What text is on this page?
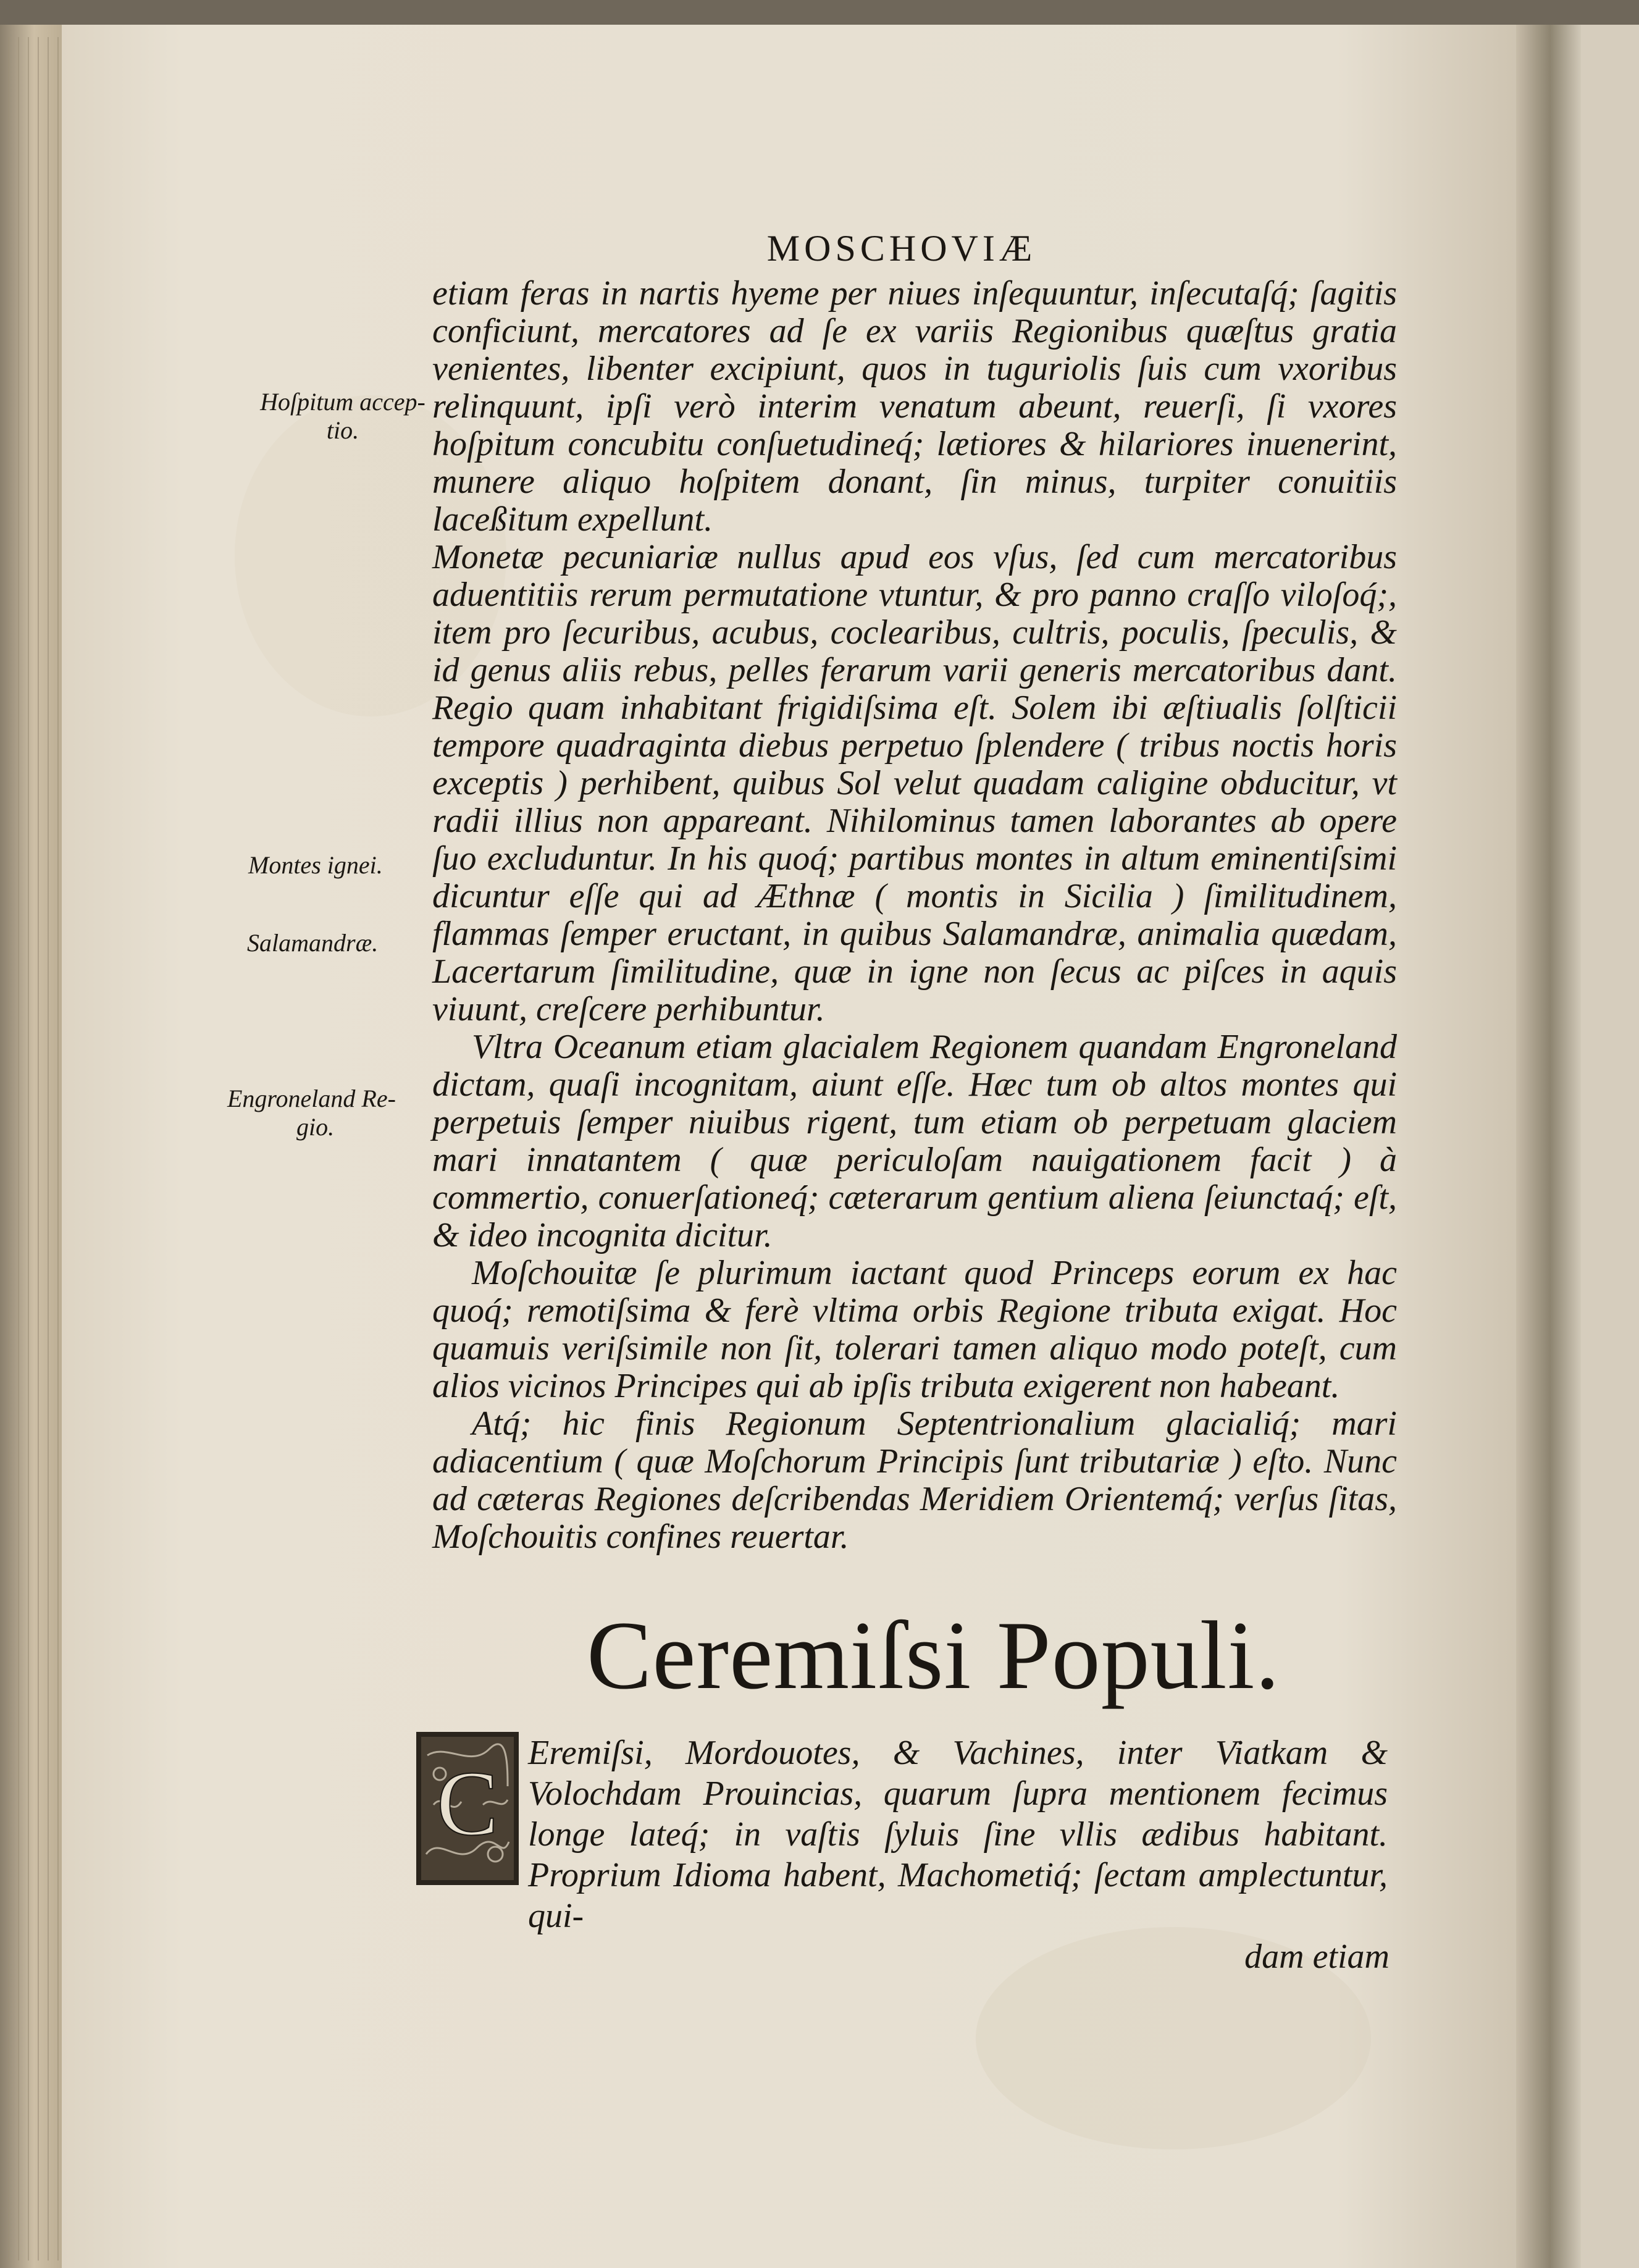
MOSCHOVIÆ
Hoſpitum accep-tio.
Montes ignei.
Salamandræ.
Engroneland Re-
gio.

etiam feras in nartis hyeme per niues inſequuntur, inſecutaſq́; ſagitis conficiunt, mercatores ad ſe ex variis Regionibus quæſtus gratia venientes, libenter excipiunt, quos in tuguriolis ſuis cum vxoribus relinquunt, ipſi verò interim venatum abeunt, reuerſi, ſi vxores hoſpitum concubitu conſuetudineq́; lætiores & hilariores inuenerint, munere aliquo hoſpitem donant, ſin minus, turpiter conuitiis laceßitum expellunt.

Monetæ pecuniariæ nullus apud eos vſus, ſed cum mercatoribus aduentitiis rerum permutatione vtuntur, & pro panno craſſo viloſoq́;, item pro ſecuribus, acubus, coclearibus, cultris, poculis, ſpeculis, & id genus aliis rebus, pelles ferarum varii generis mercatoribus dant. Regio quam inhabitant frigidiſsima eſt. Solem ibi æſtiualis ſolſticii tempore quadraginta diebus perpetuo ſplendere ( tribus noctis horis exceptis ) perhibent, quibus Sol velut quadam caligine obducitur, vt radii illius non appareant. Nihilominus tamen laborantes ab opere ſuo excluduntur. In his quoq́; partibus montes in altum eminentiſsimi dicuntur eſſe qui ad Æthnæ ( montis in Sicilia ) ſimilitudinem, flammas ſemper eructant, in quibus Salamandræ, animalia quædam, Lacertarum ſimilitudine, quæ in igne non ſecus ac piſces in aquis viuunt, creſcere perhibuntur.

Vltra Oceanum etiam glacialem Regionem quandam Engroneland dictam, quaſi incognitam, aiunt eſſe. Hæc tum ob altos montes qui perpetuis ſemper niuibus rigent, tum etiam ob perpetuam glaciem mari innatantem ( quæ periculoſam nauigationem facit ) à commertio, conuerſationeq́; cæterarum gentium aliena ſeiunctaq́; eſt, & ideo incognita dicitur.

Moſchouitæ ſe plurimum iactant quod Princeps eorum ex hac quoq́; remotiſsima & ferè vltima orbis Regione tributa exigat. Hoc quamuis veriſsimile non ſit, tolerari tamen aliquo modo poteſt, cum alios vicinos Principes qui ab ipſis tributa exigerent non habeant.

Atq́; hic finis Regionum Septentrionalium glacialiq́; mari adiacentium ( quæ Moſchorum Principis ſunt tributariæ ) eſto. Nunc ad cæteras Regiones deſcribendas Meridiem Orientemq́; verſus ſitas, Moſchouitis confines reuertar.

Ceremiſsi Populi.
C Eremiſsi, Mordouotes, & Vachines, inter Viatkam & Volochdam Prouincias, quarum ſupra mentionem fecimus longe lateq́; in vaſtis ſyluis ſine vllis ædibus habitant. Proprium Idioma habent, Machometiq́; ſectam amplectuntur, qui-

dam etiam
